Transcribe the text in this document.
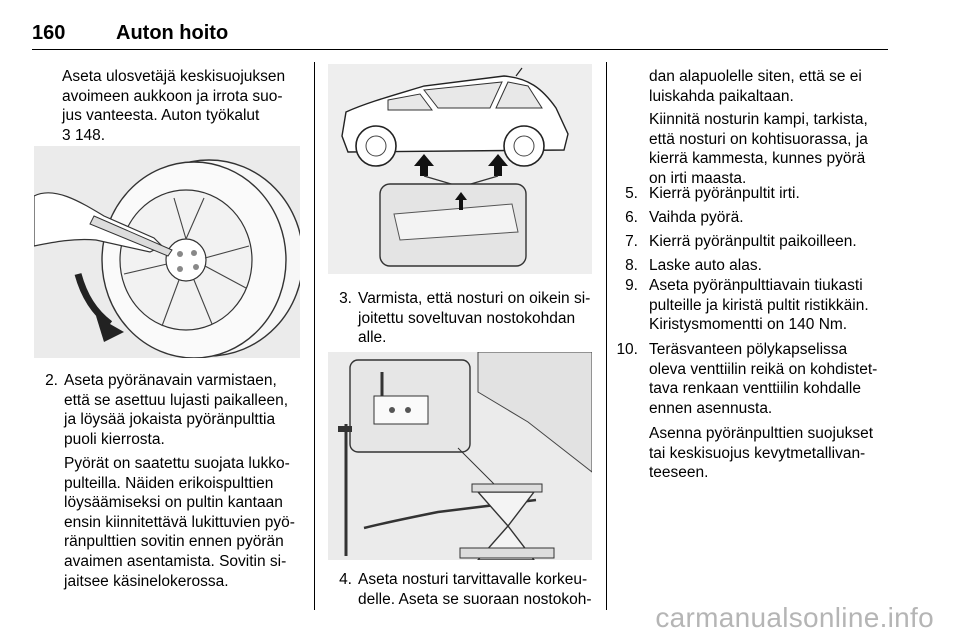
160	Auton hoito
Aseta ulosvetäjä keskisuojuksen
avoimeen aukkoon ja irrota suo-
jus vanteesta. Auton työkalut
3 148.
2. Aseta pyöränavain varmistaen,
että se asettuu lujasti paikalleen,
ja löysää jokaista pyöränpulttia
puoli kierrosta.
Pyörät on saatettu suojata lukko-
pulteilla. Näiden erikoispulttien
löysäämiseksi on pultin kantaan
ensin kiinnitettävä lukittuvien pyö-
ränpulttien sovitin ennen pyörän
avaimen asentamista. Sovitin si-
jaitsee käsinelokerossa.
3. Varmista, että nosturi on oikein si-
joitettu soveltuvan nostokohdan
alle.
4. Aseta nosturi tarvittavalle korkeu-
delle. Aseta se suoraan nostokoh-
dan alapuolelle siten, että se ei
luiskahda paikaltaan.
Kiinnitä nosturin kampi, tarkista,
että nosturi on kohtisuorassa, ja
kierrä kammesta, kunnes pyörä
on irti maasta.
5. Kierrä pyöränpultit irti.
6. Vaihda pyörä.
7. Kierrä pyöränpultit paikoilleen.
8. Laske auto alas.
9. Aseta pyöränpulttiavain tiukasti
pulteille ja kiristä pultit ristikkäin.
Kiristysmomentti on 140 Nm.
10. Teräsvanteen pölykapselissa
oleva venttiilin reikä on kohdistet-
tava renkaan venttiilin kohdalle
ennen asennusta.
Asenna pyöränpulttien suojukset
tai keskisuojus kevytmetallivan-
teeseen.
carmanualsonline.info
